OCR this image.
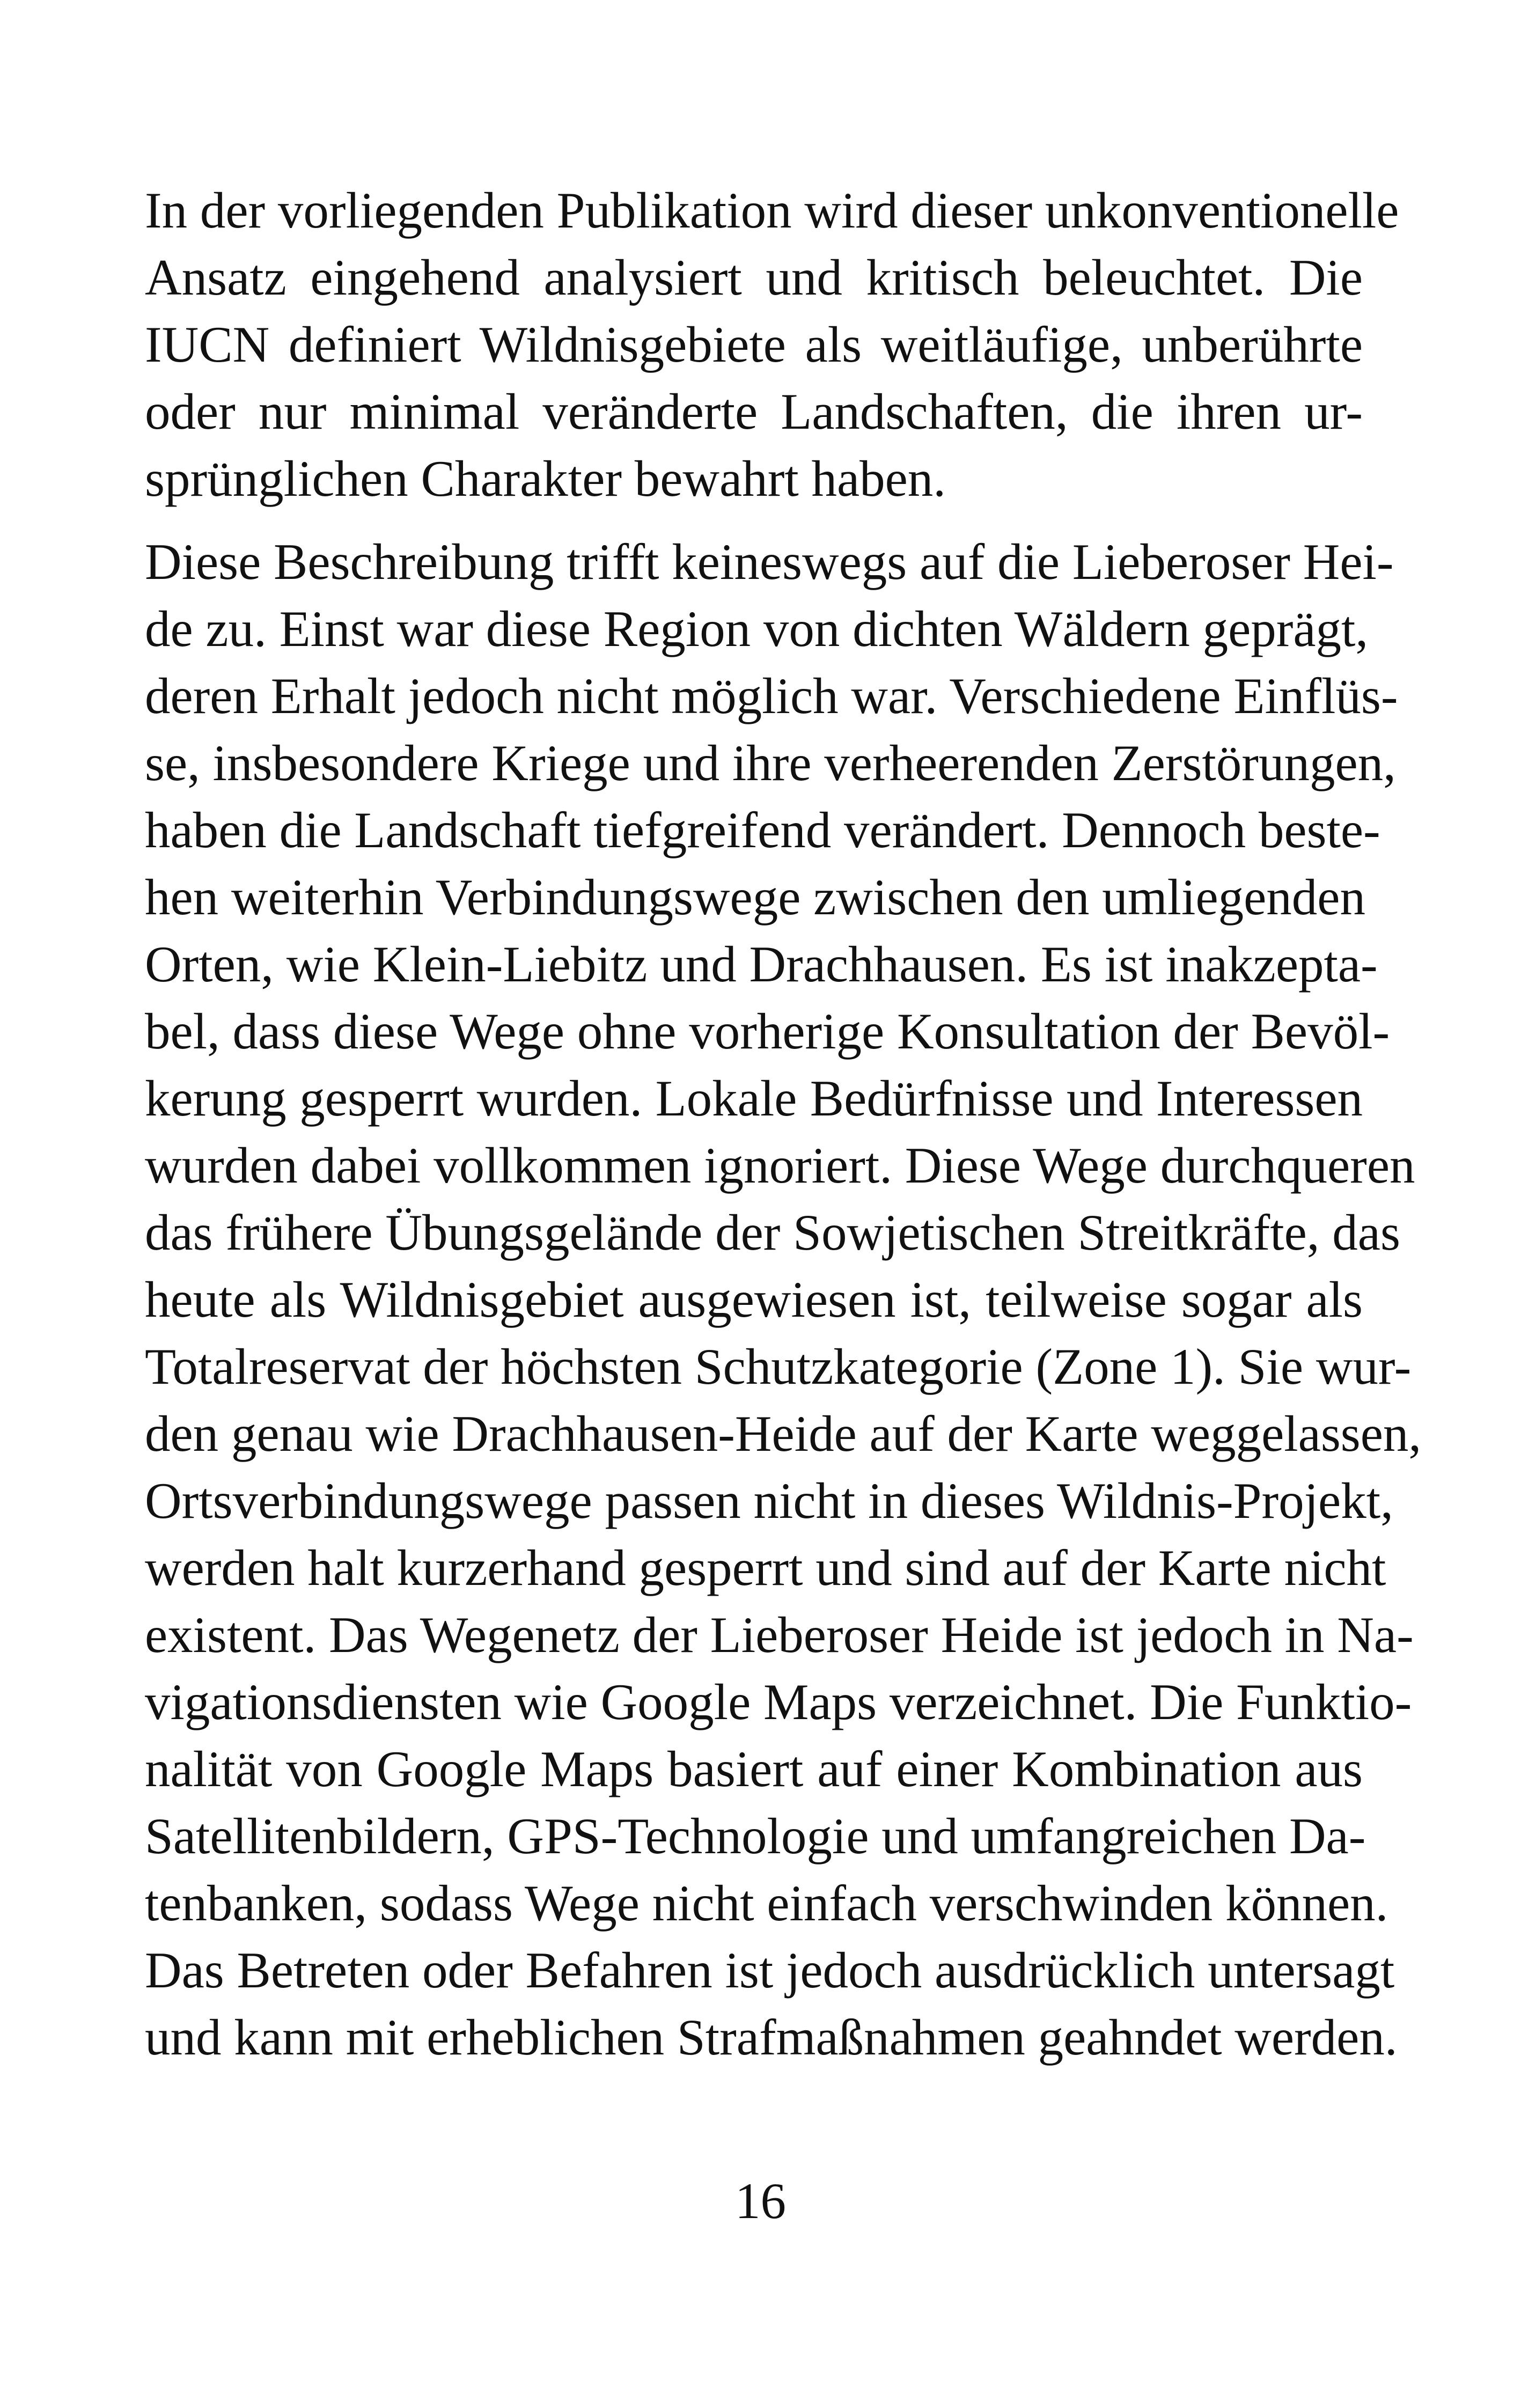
In der vorliegenden Publikation wird dieser unkonventionelle
Ansatz eingehend analysiert und kritisch beleuchtet. Die
IUCN definiert Wildnisgebiete als weitläufige, unberührte
oder nur minimal veränderte Landschaften, die ihren ur-
sprünglichen Charakter bewahrt haben.
Diese Beschreibung trifft keineswegs auf die Lieberoser Hei-
de zu. Einst war diese Region von dichten Wäldern geprägt,
deren Erhalt jedoch nicht möglich war. Verschiedene Einflüs-
se, insbesondere Kriege und ihre verheerenden Zerstörungen,
haben die Landschaft tiefgreifend verändert. Dennoch beste-
hen weiterhin Verbindungswege zwischen den umliegenden
Orten, wie Klein-Liebitz und Drachhausen. Es ist inakzepta-
bel, dass diese Wege ohne vorherige Konsultation der Bevöl-
kerung gesperrt wurden. Lokale Bedürfnisse und Interessen
wurden dabei vollkommen ignoriert. Diese Wege durchqueren
das frühere Übungsgelände der Sowjetischen Streitkräfte, das
heute als Wildnisgebiet ausgewiesen ist, teilweise sogar als
Totalreservat der höchsten Schutzkategorie (Zone 1). Sie wur-
den genau wie Drachhausen-Heide auf der Karte weggelassen,
Ortsverbindungswege passen nicht in dieses Wildnis-Projekt,
werden halt kurzerhand gesperrt und sind auf der Karte nicht
existent. Das Wegenetz der Lieberoser Heide ist jedoch in Na-
vigationsdiensten wie Google Maps verzeichnet. Die Funktio-
nalität von Google Maps basiert auf einer Kombination aus
Satellitenbildern, GPS-Technologie und umfangreichen Da-
tenbanken, sodass Wege nicht einfach verschwinden können.
Das Betreten oder Befahren ist jedoch ausdrücklich untersagt
und kann mit erheblichen Strafmaßnahmen geahndet werden.
16
